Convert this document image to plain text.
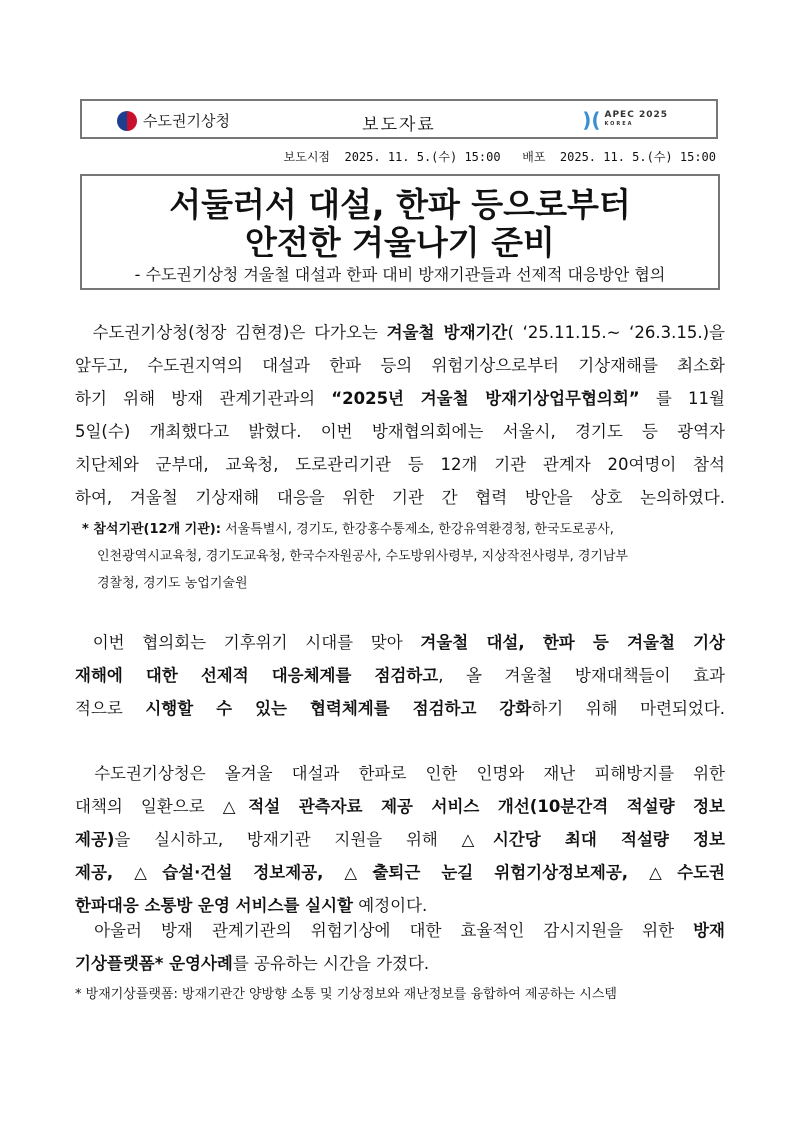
수도권기상청	보도자료	)( APEC 2025
KOREA
보도시점 2025. 11. 5.(수) 15:00 배포 2025. 11. 5.(수) 15:00
서둘러서 대설, 한파 등으로부터
안전한 겨울나기 준비
- 수도권기상청 겨울철 대설과 한파 대비 방재기관들과 선제적 대응방안 협의
수도권기상청(청장 김현경)은 다가오는 겨울철 방재기간( ‘25.11.15.~ ‘26.3.15.)을
앞두고, 수도권지역의 대설과 한파 등의 위험기상으로부터 기상재해를 최소화
하기 위해 방재 관계기관과의 “2025년 겨울철 방재기상업무협의회” 를 11월
5일(수) 개최했다고 밝혔다. 이번 방재협의회에는 서울시, 경기도 등 광역자
치단체와 군부대, 교육청, 도로관리기관 등 12개 기관 관계자 20여명이 참석
하여, 겨울철 기상재해 대응을 위한 기관 간 협력 방안을 상호 논의하였다.
이번 협의회는 기후위기 시대를 맞아 겨울철 대설, 한파 등 겨울철 기상
재해에 대한 선제적 대응체계를 점검하고, 올 겨울철 방재대책들이 효과
적으로 시행할 수 있는 협력체계를 점검하고 강화하기 위해 마련되었다.
수도권기상청은 올겨울 대설과 한파로 인한 인명와 재난 피해방지를 위한
대책의 일환으로 △적설 관측자료 제공 서비스 개선(10분간격 적설량 정보
제공)을 실시하고, 방재기관 지원을 위해 △시간당 최대 적설량 정보
제공, △습설·건설 정보제공, △출퇴근 눈길 위험기상정보제공, △수도권
한파대응 소통방 운영 서비스를 실시할 예정이다.
아울러 방재 관계기관의 위험기상에 대한 효율적인 감시지원을 위한 방재
기상플랫폼* 운영사례를 공유하는 시간을 가졌다.
* 참석기관(12개 기관): 서울특별시, 경기도, 한강홍수통제소, 한강유역환경청, 한국도로공사,
인천광역시교육청, 경기도교육청, 한국수자원공사, 수도방위사령부, 지상작전사령부, 경기남부
경찰청, 경기도 농업기술원
* 방재기상플랫폼: 방재기관간 양방향 소통 및 기상정보와 재난정보를 융합하여 제공하는 시스템
